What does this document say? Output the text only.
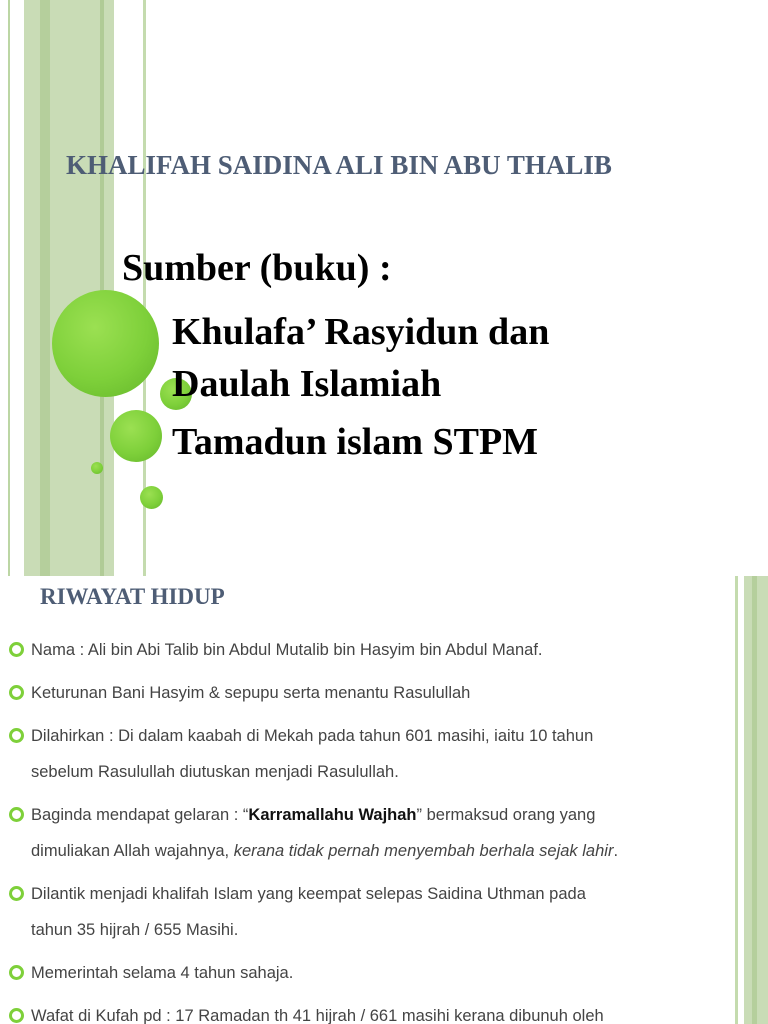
KHALIFAH SAIDINA ALI BIN ABU THALIB

Sumber (buku) :

Khulafa’ Rasyidun dan
Daulah Islamiah
Tamadun islam STPM
RIWAYAT HIDUP
Nama : Ali bin Abi Talib bin Abdul Mutalib bin Hasyim bin Abdul Manaf.
Keturunan Bani Hasyim & sepupu serta menantu Rasulullah
Dilahirkan : Di dalam kaabah di Mekah pada tahun 601 masihi, iaitu 10 tahun
sebelum Rasulullah diutuskan menjadi Rasulullah.
Baginda mendapat gelaran : “Karramallahu Wajhah” bermaksud orang yang
dimuliakan Allah wajahnya, kerana tidak pernah menyembah berhala sejak lahir.
Dilantik menjadi khalifah Islam yang keempat selepas Saidina Uthman pada
tahun 35 hijrah / 655 Masihi.
Memerintah selama 4 tahun sahaja.
Wafat di Kufah pd : 17 Ramadan th 41 hijrah / 661 masihi kerana dibunuh oleh
